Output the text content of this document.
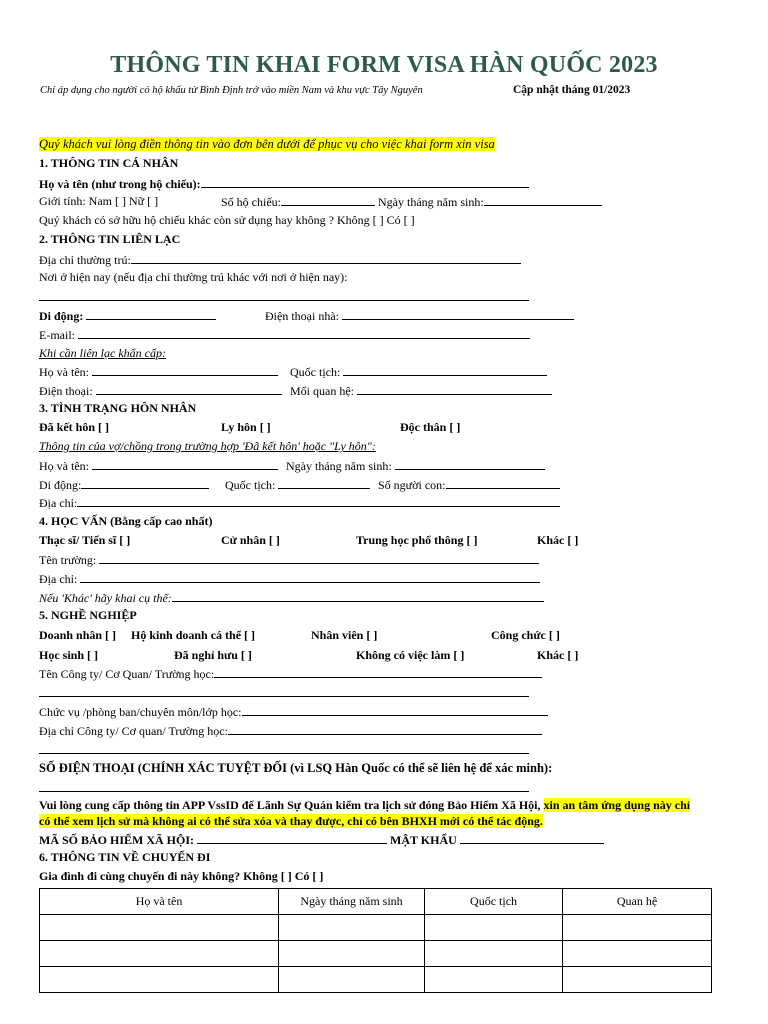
THÔNG TIN KHAI FORM VISA HÀN QUỐC 2023
Chỉ áp dụng cho người có hộ khẩu từ Bình Định trở vào miền Nam và khu vực Tây Nguyên	Cập nhật tháng 01/2023
Quý khách vui lòng điền thông tin vào đơn bên dưới để phục vụ cho việc khai form xin visa
1. THÔNG TIN CÁ NHÂN
Họ và tên (như trong hộ chiếu):
Giới tính: Nam [ ] Nữ [ ]	Số hộ chiếu:	Ngày tháng năm sinh:
Quý khách có sở hữu hộ chiếu khác còn sử dụng hay không ? Không [ ] Có [ ]
2. THÔNG TIN LIÊN LẠC
Địa chỉ thường trú:
Nơi ở hiện nay (nếu địa chỉ thường trú khác với nơi ở hiện nay):
Di động:	Điện thoại nhà:
E-mail:
Khi cần liên lạc khẩn cấp:
Họ và tên:	Quốc tịch:
Điện thoại:	Mối quan hệ:
3. TÌNH TRẠNG HÔN NHÂN
Đã kết hôn [ ]	Ly hôn [ ]	Độc thân [ ]
Thông tin của vợ/chồng trong trường hợp 'Đã kết hôn' hoặc "Ly hôn":
Họ và tên:	Ngày tháng năm sinh:
Di động:	Quốc tịch:	Số người con:
Địa chỉ:
4. HỌC VẤN (Bằng cấp cao nhất)
Thạc sĩ/ Tiến sĩ [ ]	Cử nhân [ ]	Trung học phổ thông [ ]	Khác [ ]
Tên trường:
Địa chỉ:
Nếu 'Khác' hãy khai cụ thể:
5. NGHỀ NGHIỆP
Doanh nhân [ ] Hộ kinh doanh cá thể [ ]	Nhân viên [ ]	Công chức [ ]
Học sinh [ ]	Đã nghỉ hưu [ ]	Không có việc làm [ ]	Khác [ ]
Tên Công ty/ Cơ Quan/ Trường học:
Chức vụ /phòng ban/chuyên môn/lớp học:
Địa chỉ Công ty/ Cơ quan/ Trường học:
SỐ ĐIỆN THOẠI (CHÍNH XÁC TUYỆT ĐỐI (vì LSQ Hàn Quốc có thể sẽ liên hệ để xác minh):
Vui lòng cung cấp thông tin APP VssID để Lãnh Sự Quán kiểm tra lịch sử đóng Bảo Hiểm Xã Hội, xin an tâm ứng dụng này chỉ
có thể xem lịch sử mà không ai có thể sửa xóa và thay được, chỉ có bên BHXH mới có thể tác động.
MÃ SỐ BẢO HIỂM XÃ HỘI:	MẬT KHẨU
6. THÔNG TIN VỀ CHUYẾN ĐI
Gia đình đi cùng chuyến đi này không? Không [ ] Có [ ]
Họ và tên	Ngày tháng năm sinh	Quốc tịch	Quan hệ
